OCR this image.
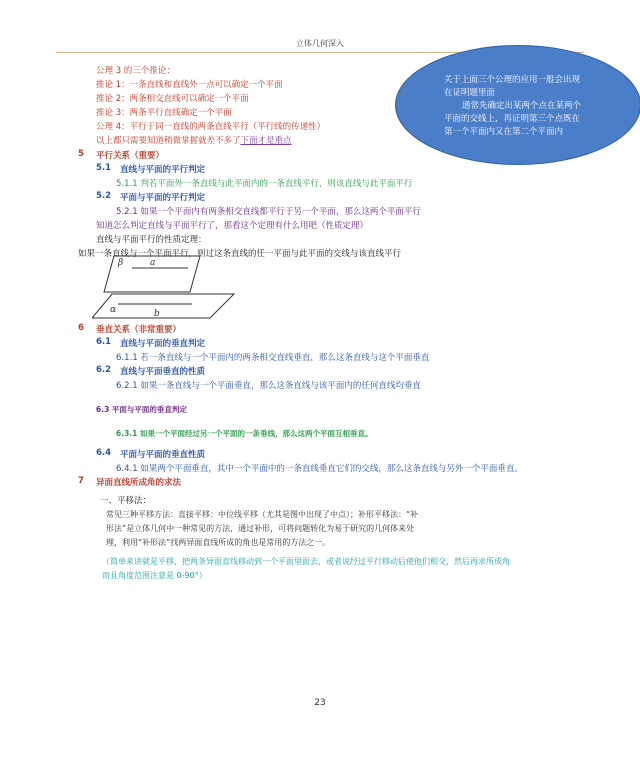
立体几何深入
公理 3 的三个推论：
推论 1：一条直线和直线外一点可以确定一个平面
推论 2：两条相交直线可以确定一个平面
推论 3：两条平行直线确定一个平面
公理 4：平行于同一直线的两条直线平行（平行线的传递性）
以上都只需要知道稍微掌握就差不多了下面才是重点
关于上面三个公理的应用一般会出现
在证明题里面
通常先确定出某两个点在某两个
平面的交线上，再证明第三个点既在
第一个平面内又在第二个平面内
5 平行关系（重要）
5.1 直线与平面的平行判定
5.1.1 判若平面外一条直线与此平面内的一条直线平行，则该直线与此平面平行
5.2 平面与平面的平行判定
5.2.1 如果一个平面内有两条相交直线都平行于另一个平面，那么这两个平面平行
知道怎么判定直线与平面平行了，那看这个定理有什么用吧（性质定理）
直线与平面平行的性质定理：
如果一条直线与一个平面平行，则过这条直线的任一平面与此平面的交线与该直线平行
β	a
α	b
6 垂直关系（非常重要）
6.1 直线与平面的垂直判定
6.1.1 若一条直线与一个平面内的两条相交直线垂直，那么这条直线与这个平面垂直
6.2 直线与平面垂直的性质
6.2.1 如果一条直线与一个平面垂直，那么这条直线与该平面内的任何直线均垂直
6.3 平面与平面的垂直判定
6.3.1 如果一个平面经过另一个平面的一条垂线，那么这两个平面互相垂直。
6.4 平面与平面的垂直性质
6.4.1 如果两个平面垂直，其中一个平面中的一条直线垂直它们的交线，那么这条直线与另外一个平面垂直。
7 异面直线所成角的求法
一、平移法：
常见三种平移方法：直接平移：中位线平移（尤其是图中出现了中点）；补形平移法：“补
形法”是立体几何中一种常见的方法，通过补形，可将问题转化为易于研究的几何体来处
理，利用“补形法”找两异面直线所成的角也是常用的方法之一。
（简单来讲就是平移，把两条异面直线移动到一个平面里面去，或者说经过平行移动后使他们相交，然后再求所成角
而且角度范围注意是 0-90°）
23
